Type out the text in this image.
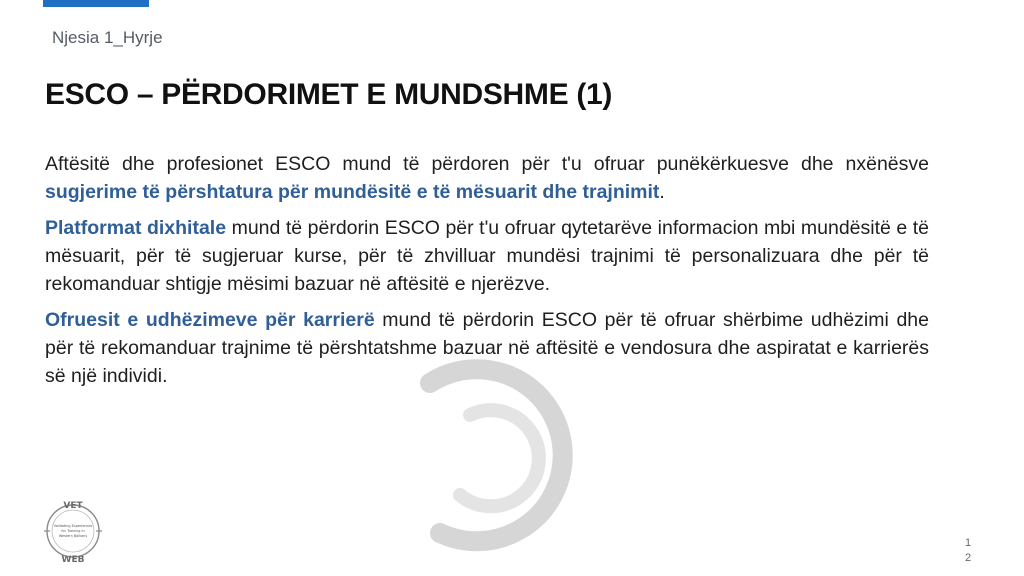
Njesia 1_Hyrje
ESCO – PËRDORIMET E MUNDSHME (1)

Aftësitë dhe profesionet ESCO mund të përdoren për t'u ofruar punëkërkuesve dhe nxënësve sugjerime të përshtatura për mundësitë e të mësuarit dhe trajnimit.

Platformat dixhitale mund të përdorin ESCO për t'u ofruar qytetarëve informacion mbi mundësitë e të mësuarit, për të sugjeruar kurse, për të zhvilluar mundësi trajnimi të personalizuara dhe për të rekomanduar shtigje mësimi bazuar në aftësitë e njerëzve.

Ofruesit e udhëzimeve për karrierë mund të përdorin ESCO për të ofruar shërbime udhëzimi dhe për të rekomanduar trajnime të përshtatshme bazuar në aftësitë e vendosura dhe aspiratat e karrierës së një individi.

VET
Validating Experiences
for Training in
Western Balkans
WEB
12
